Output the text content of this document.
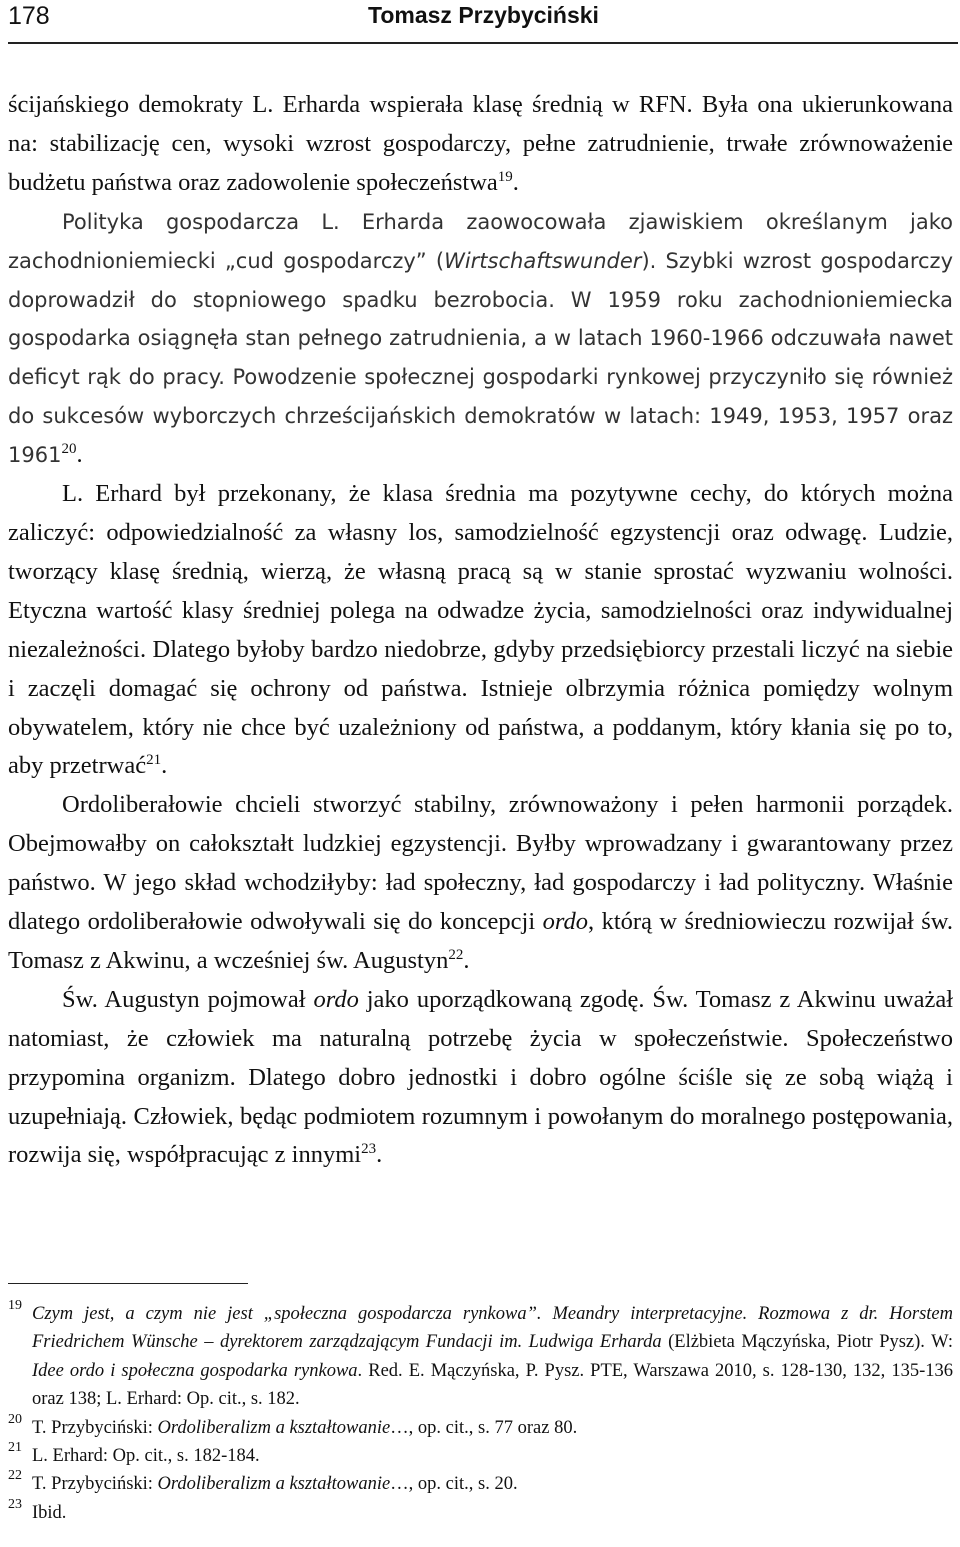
178	Tomasz Przybyciński

ścijańskiego demokraty L. Erharda wspierała klasę średnią w RFN. Była ona ukierunkowana na: stabilizację cen, wysoki wzrost gospodarczy, pełne zatrudnienie, trwałe zrównoważenie budżetu państwa oraz zadowolenie społeczeństwa$^{19}$.
Polityka gospodarcza L. Erharda zaowocowała zjawiskiem określanym jako zachodnioniemiecki „cud gospodarczy” (Wirtschaftswunder). Szybki wzrost gospodarczy doprowadził do stopniowego spadku bezrobocia. W 1959 roku zachodnioniemiecka gospodarka osiągnęła stan pełnego zatrudnienia, a w latach 1960-1966 odczuwała nawet deficyt rąk do pracy. Powodzenie społecznej gospodarki rynkowej przyczyniło się również do sukcesów wyborczych chrześcijańskich demokratów w latach: 1949, 1953, 1957 oraz 1961$^{20}$.

L. Erhard był przekonany, że klasa średnia ma pozytywne cechy, do których można zaliczyć: odpowiedzialność za własny los, samodzielność egzystencji oraz odwagę. Ludzie, tworzący klasę średnią, wierzą, że własną pracą są w stanie sprostać wyzwaniu wolności. Etyczna wartość klasy średniej polega na odwadze życia, samodzielności oraz indywidualnej niezależności. Dlatego byłoby bardzo niedobrze, gdyby przedsiębiorcy przestali liczyć na siebie i zaczęli domagać się ochrony od państwa. Istnieje olbrzymia różnica pomiędzy wolnym obywatelem, który nie chce być uzależniony od państwa, a poddanym, który kłania się po to, aby przetrwać$^{21}$.

Ordoliberałowie chcieli stworzyć stabilny, zrównoważony i pełen harmonii porządek. Obejmowałby on całokształt ludzkiej egzystencji. Byłby wprowadzany i gwarantowany przez państwo. W jego skład wchodziłyby: ład społeczny, ład gospodarczy i ład polityczny. Właśnie dlatego ordoliberałowie odwoływali się do koncepcji ordo, którą w średniowieczu rozwijał św. Tomasz z Akwinu, a wcześniej św. Augustyn$^{22}$.

Św. Augustyn pojmował ordo jako uporządkowaną zgodę. Św. Tomasz z Akwinu uważał natomiast, że człowiek ma naturalną potrzebę życia w społeczeństwie. Społeczeństwo przypomina organizm. Dlatego dobro jednostki i dobro ogólne ściśle się ze sobą wiążą i uzupełniają. Człowiek, będąc podmiotem rozumnym i powołanym do moralnego postępowania, rozwija się, współpracując z innymi$^{23}$.

19 Czym jest, a czym nie jest „społeczna gospodarcza rynkowa”. Meandry interpretacyjne. Rozmowa z dr. Horstem Friedrichem Wünsche – dyrektorem zarządzającym Fundacji im. Ludwiga Erharda (Elżbieta Mączyńska, Piotr Pysz). W: Idee ordo i społeczna gospodarka rynkowa. Red. E. Mączyńska, P. Pysz. PTE, Warszawa 2010, s. 128-130, 132, 135-136 oraz 138; L. Erhard: Op. cit., s. 182.
20 T. Przybyciński: Ordoliberalizm a kształtowanie…, op. cit., s. 77 oraz 80.
21 L. Erhard: Op. cit., s. 182-184.
22 T. Przybyciński: Ordoliberalizm a kształtowanie…, op. cit., s. 20.
23 Ibid.
